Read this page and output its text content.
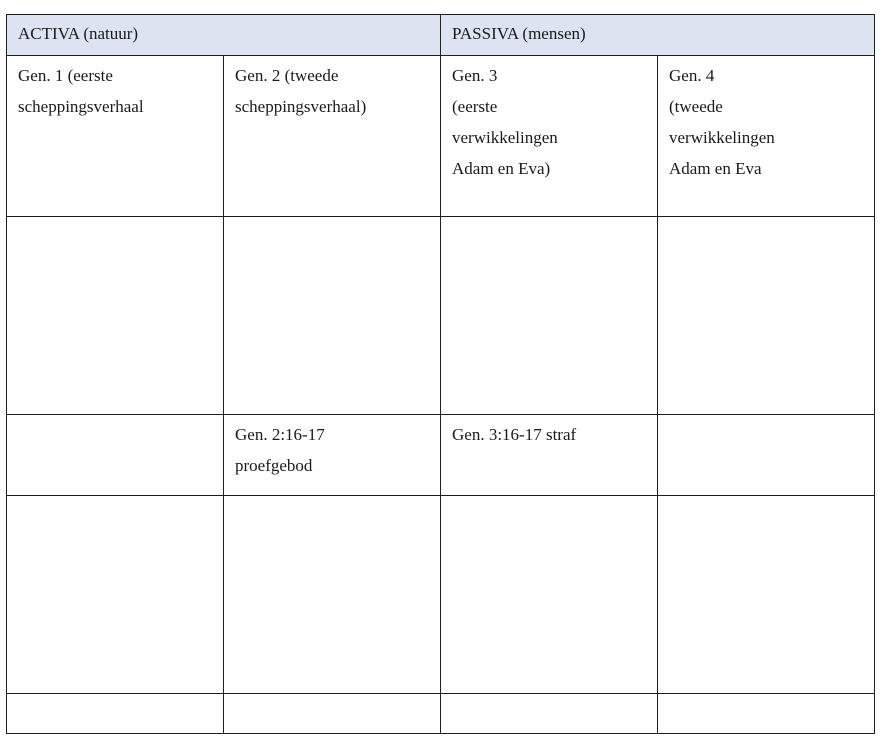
ACTIVA (natuur)		PASSIVA (mensen)	

Gen. 1 (eerste
scheppingsverhaal	Gen. 2 (tweede
scheppingsverhaal)	Gen. 3
(eerste
verwikkelingen
Adam en Eva)	Gen. 4
(tweede
verwikkelingen
Adam en Eva

	Gen. 2:16-17
proefgebod	Gen. 3:16-17 straf	
